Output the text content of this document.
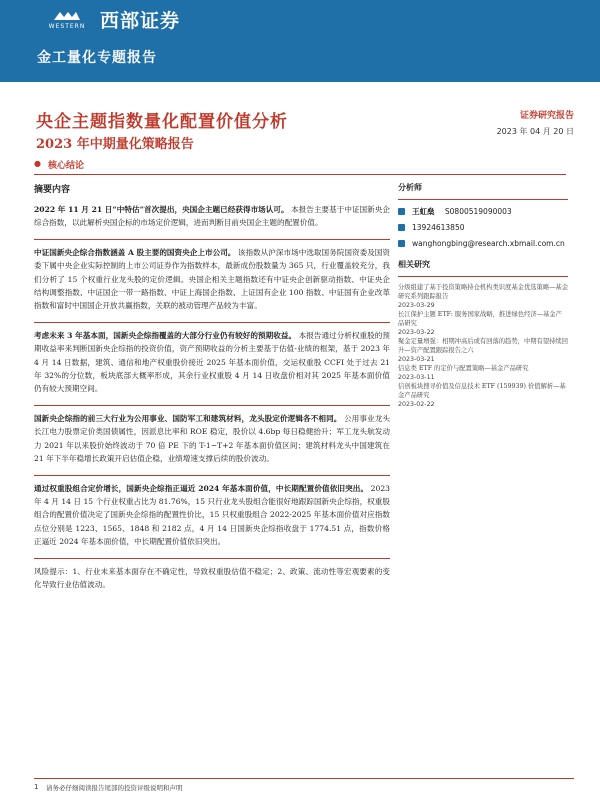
WESTERN 西部证券
金工量化专题报告
央企主题指数量化配置价值分析
2023 年中期量化策略报告
证券研究报告
2023 年 04 月 20 日
● 核心结论
摘要内容
2022 年 11 月 21 日“中特估”首次提出，央国企主题已经获得市场认可。 本报告主要基于中证国新央企综合指数，以此解析央国企标的市场定价逻辑，进而判断目前央国企主题的配置价值。
中证国新央企综合指数涵盖 A 股主要的国资央企上市公司。 该指数从沪深市场中选取国务院国资委及国资委下属中央企业实际控制的上市公司证券作为指数样本，最新成份股数量为 365 只，行业覆盖较充分，我们分析了 15 个权重行业龙头股的定价逻辑。央国企相关主题指数还有中证央企创新驱动指数、中证央企结构调整指数、中证国企一带一路指数、中证上海国企指数、上证国有企业 100 指数、中证国有企业改革指数和富时中国国企开放共赢指数，关联的被动管理产品较为丰富。
考虑未来 3 年基本面，国新央企综指覆盖的大部分行业仍有较好的预期收益。 本报告通过分析权重股的预期收益率来判断国新央企综指的投资价值，资产预期收益的分析主要基于估值-业绩的框架，基于 2023 年 4 月 14 日数据，建筑、通信和地产权重股价接近 2025 年基本面价值，交运权重股 CCFI 处于过去 21 年 32%的分位数，板块底部大概率形成，其余行业权重股 4 月 14 日收盘价相对其 2025 年基本面价值仍有较大预期空间。
国新央企综指的前三大行业为公用事业、国防军工和建筑材料，龙头股定价逻辑各不相同。 公用事业龙头长江电力股票定价类国债属性，因派息比率和 ROE 稳定，股价以 4.6bp 每日稳健抬升；军工龙头航发动力 2021 年以来股价始终波动于 70 倍 PE 下的 T-1~T+2 年基本面价值区间；建筑材料龙头中国建筑在 21 年下半年稳增长政策开启估值企稳，业绩增速支撑后续的股价波动。
通过权重股组合定价增长，国新央企综指正逼近 2024 年基本面价值，中长期配置价值依旧突出。 2023 年 4 月 14 日 15 个行业权重占比为 81.76%，15 只行业龙头股组合能很好地跟踪国新央企综指，权重股组合的配置价值决定了国新央企综指的配置性价比，15 只权重股组合 2022-2025 年基本面价值对应指数点位分别是 1223、1565、1848 和 2182 点，4 月 14 日国新央企综指收盘于 1774.51 点，指数价格正逼近 2024 年基本面价值，中长期配置价值依旧突出。
风险提示：1、行业未来基本面存在不确定性，导致权重股估值不稳定；2、政策、流动性等宏观要素的变化导致行业估值波动。
分析师
王虹燊 S0800519090003
13924613850
wanghongbing@research.xbmail.com.cn
相关研究
分级组建了基于投资策略持仓机构类识度基金优选策略—基金研究系列跟踪报告
2023-03-29
长江保护主题 ETF: 服务国家战略，推进绿色经济—基金产品研究
2023-03-22
聚金定量增强：相期冲高后或有回落的趋势，中期有望持续回升—资产配置跟踪报告之六
2023-03-21
信息类 ETF 的定价与配置策略—基金产品研究
2023-03-11
信创板块搜寻价值及信息技术 ETF (159939) 价值解析—基金产品研究
2023-02-22
1 请务必仔细阅读报告尾部的投资评级说明和声明
